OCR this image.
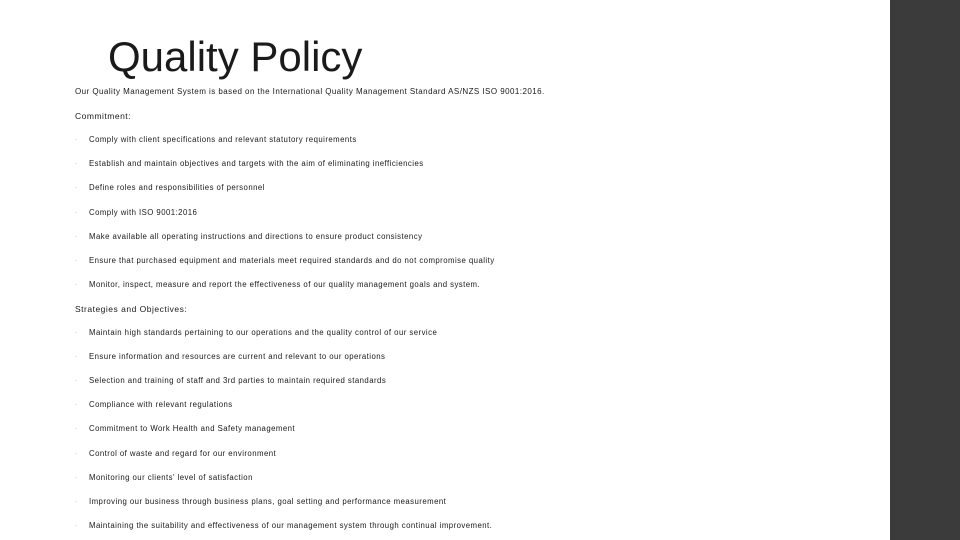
Quality Policy
Our Quality Management System is based on the International Quality Management Standard AS/NZS ISO 9001:2016.
Commitment:
· Comply with client specifications and relevant statutory requirements
· Establish and maintain objectives and targets with the aim of eliminating inefficiencies
· Define roles and responsibilities of personnel
· Comply with ISO 9001:2016
· Make available all operating instructions and directions to ensure product consistency
· Ensure that purchased equipment and materials meet required standards and do not compromise quality
· Monitor, inspect, measure and report the effectiveness of our quality management goals and system.
Strategies and Objectives:
· Maintain high standards pertaining to our operations and the quality control of our service
· Ensure information and resources are current and relevant to our operations
· Selection and training of staff and 3rd parties to maintain required standards
· Compliance with relevant regulations
· Commitment to Work Health and Safety management
· Control of waste and regard for our environment
· Monitoring our clients' level of satisfaction
· Improving our business through business plans, goal setting and performance measurement
· Maintaining the suitability and effectiveness of our management system through continual improvement.
